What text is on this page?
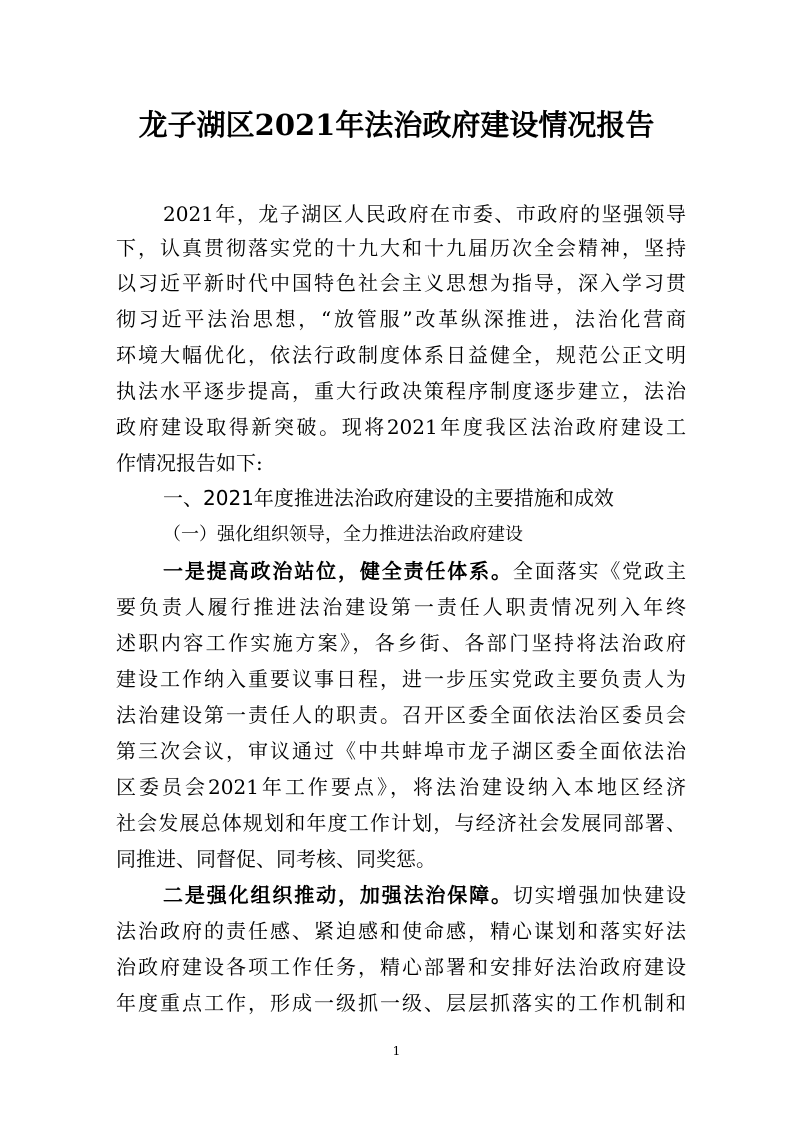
龙子湖区2021年法治政府建设情况报告
2021年，龙子湖区人民政府在市委、市政府的坚强领导
下，认真贯彻落实党的十九大和十九届历次全会精神，坚持
以习近平新时代中国特色社会主义思想为指导，深入学习贯
彻习近平法治思想，“放管服”改革纵深推进，法治化营商
环境大幅优化，依法行政制度体系日益健全，规范公正文明
执法水平逐步提高，重大行政决策程序制度逐步建立，法治
政府建设取得新突破。现将2021年度我区法治政府建设工
作情况报告如下:
一、2021年度推进法治政府建设的主要措施和成效
（一）强化组织领导，全力推进法治政府建设
一是提高政治站位，健全责任体系。全面落实《党政主
要负责人履行推进法治建设第一责任人职责情况列入年终
述职内容工作实施方案》，各乡街、各部门坚持将法治政府
建设工作纳入重要议事日程，进一步压实党政主要负责人为
法治建设第一责任人的职责。召开区委全面依法治区委员会
第三次会议，审议通过《中共蚌埠市龙子湖区委全面依法治
区委员会2021年工作要点》，将法治建设纳入本地区经济
社会发展总体规划和年度工作计划，与经济社会发展同部署、
同推进、同督促、同考核、同奖惩。
二是强化组织推动，加强法治保障。切实增强加快建设
法治政府的责任感、紧迫感和使命感，精心谋划和落实好法
治政府建设各项工作任务，精心部署和安排好法治政府建设
年度重点工作，形成一级抓一级、层层抓落实的工作机制和
1
